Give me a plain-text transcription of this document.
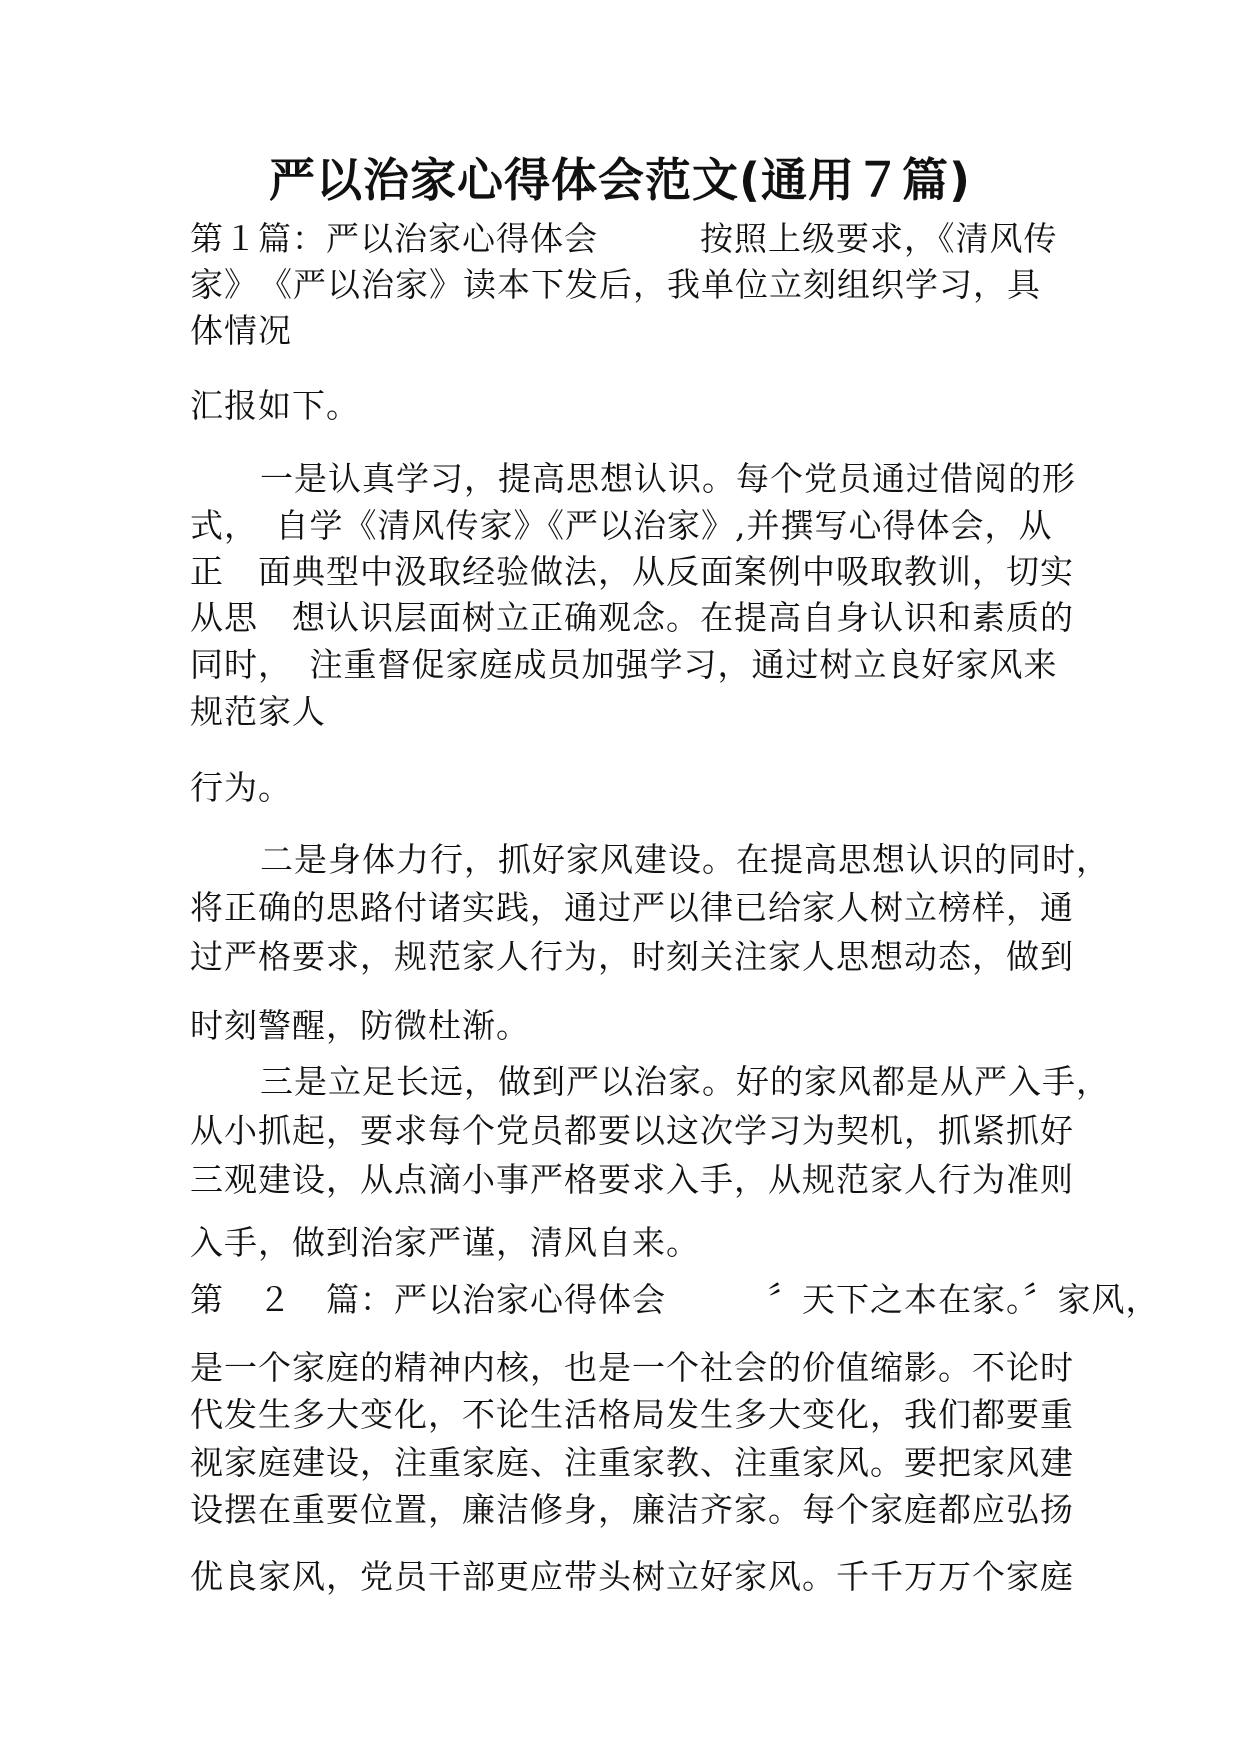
严以治家心得体会范文(通用７篇)

第１篇：严以治家心得体会　　　按照上级要求，《清风传

家》　《严以治家》读本下发后，我单位立刻组织学习，具

体情况

汇报如下。

一是认真学习，提高思想认识。每个党员通过借阅的形

式，　自学《清风传家》《严以治家》,并撰写心得体会，从

正　面典型中汲取经验做法，从反面案例中吸取教训，切实

从思　想认识层面树立正确观念。在提高自身认识和素质的

同时，　注重督促家庭成员加强学习，通过树立良好家风来

规范家人

行为。

二是身体力行，抓好家风建设。在提高思想认识的同时，

将正确的思路付诸实践，通过严以律已给家人树立榜样，通

过严格要求，规范家人行为，时刻关注家人思想动态，做到

时刻警醒，防微杜渐。

三是立足长远，做到严以治家。好的家风都是从严入手，

从小抓起，要求每个党员都要以这次学习为契机，抓紧抓好

三观建设，从点滴小事严格要求入手，从规范家人行为准则

入手，做到治家严谨，清风自来。

第　２　篇：严以治家心得体会　　　〞天下之本在家。〞家风，

是一个家庭的精神内核，也是一个社会的价值缩影。不论时

代发生多大变化，不论生活格局发生多大变化，我们都要重

视家庭建设，注重家庭、注重家教、注重家风。要把家风建

设摆在重要位置，廉洁修身，廉洁齐家。每个家庭都应弘扬

优良家风，党员干部更应带头树立好家风。千千万万个家庭
